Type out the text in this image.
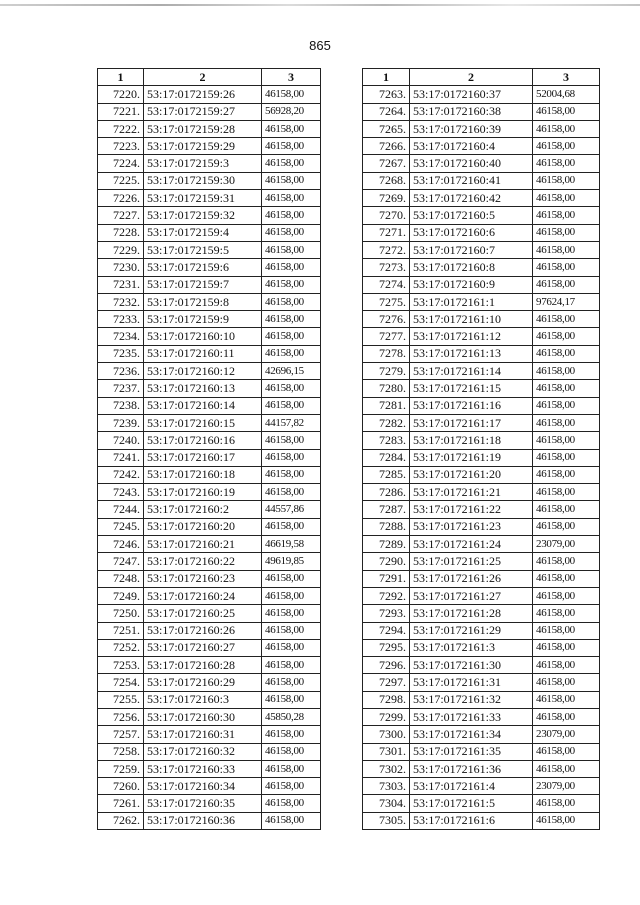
865
1	2	3
7220.	53:17:0172159:26	46158,00
7221.	53:17:0172159:27	56928,20
7222.	53:17:0172159:28	46158,00
7223.	53:17:0172159:29	46158,00
7224.	53:17:0172159:3	46158,00
7225.	53:17:0172159:30	46158,00
7226.	53:17:0172159:31	46158,00
7227.	53:17:0172159:32	46158,00
7228.	53:17:0172159:4	46158,00
7229.	53:17:0172159:5	46158,00
7230.	53:17:0172159:6	46158,00
7231.	53:17:0172159:7	46158,00
7232.	53:17:0172159:8	46158,00
7233.	53:17:0172159:9	46158,00
7234.	53:17:0172160:10	46158,00
7235.	53:17:0172160:11	46158,00
7236.	53:17:0172160:12	42696,15
7237.	53:17:0172160:13	46158,00
7238.	53:17:0172160:14	46158,00
7239.	53:17:0172160:15	44157,82
7240.	53:17:0172160:16	46158,00
7241.	53:17:0172160:17	46158,00
7242.	53:17:0172160:18	46158,00
7243.	53:17:0172160:19	46158,00
7244.	53:17:0172160:2	44557,86
7245.	53:17:0172160:20	46158,00
7246.	53:17:0172160:21	46619,58
7247.	53:17:0172160:22	49619,85
7248.	53:17:0172160:23	46158,00
7249.	53:17:0172160:24	46158,00
7250.	53:17:0172160:25	46158,00
7251.	53:17:0172160:26	46158,00
7252.	53:17:0172160:27	46158,00
7253.	53:17:0172160:28	46158,00
7254.	53:17:0172160:29	46158,00
7255.	53:17:0172160:3	46158,00
7256.	53:17:0172160:30	45850,28
7257.	53:17:0172160:31	46158,00
7258.	53:17:0172160:32	46158,00
7259.	53:17:0172160:33	46158,00
7260.	53:17:0172160:34	46158,00
7261.	53:17:0172160:35	46158,00
7262.	53:17:0172160:36	46158,00
1	2	3
7263.	53:17:0172160:37	52004,68
7264.	53:17:0172160:38	46158,00
7265.	53:17:0172160:39	46158,00
7266.	53:17:0172160:4	46158,00
7267.	53:17:0172160:40	46158,00
7268.	53:17:0172160:41	46158,00
7269.	53:17:0172160:42	46158,00
7270.	53:17:0172160:5	46158,00
7271.	53:17:0172160:6	46158,00
7272.	53:17:0172160:7	46158,00
7273.	53:17:0172160:8	46158,00
7274.	53:17:0172160:9	46158,00
7275.	53:17:0172161:1	97624,17
7276.	53:17:0172161:10	46158,00
7277.	53:17:0172161:12	46158,00
7278.	53:17:0172161:13	46158,00
7279.	53:17:0172161:14	46158,00
7280.	53:17:0172161:15	46158,00
7281.	53:17:0172161:16	46158,00
7282.	53:17:0172161:17	46158,00
7283.	53:17:0172161:18	46158,00
7284.	53:17:0172161:19	46158,00
7285.	53:17:0172161:20	46158,00
7286.	53:17:0172161:21	46158,00
7287.	53:17:0172161:22	46158,00
7288.	53:17:0172161:23	46158,00
7289.	53:17:0172161:24	23079,00
7290.	53:17:0172161:25	46158,00
7291.	53:17:0172161:26	46158,00
7292.	53:17:0172161:27	46158,00
7293.	53:17:0172161:28	46158,00
7294.	53:17:0172161:29	46158,00
7295.	53:17:0172161:3	46158,00
7296.	53:17:0172161:30	46158,00
7297.	53:17:0172161:31	46158,00
7298.	53:17:0172161:32	46158,00
7299.	53:17:0172161:33	46158,00
7300.	53:17:0172161:34	23079,00
7301.	53:17:0172161:35	46158,00
7302.	53:17:0172161:36	46158,00
7303.	53:17:0172161:4	23079,00
7304.	53:17:0172161:5	46158,00
7305.	53:17:0172161:6	46158,00
